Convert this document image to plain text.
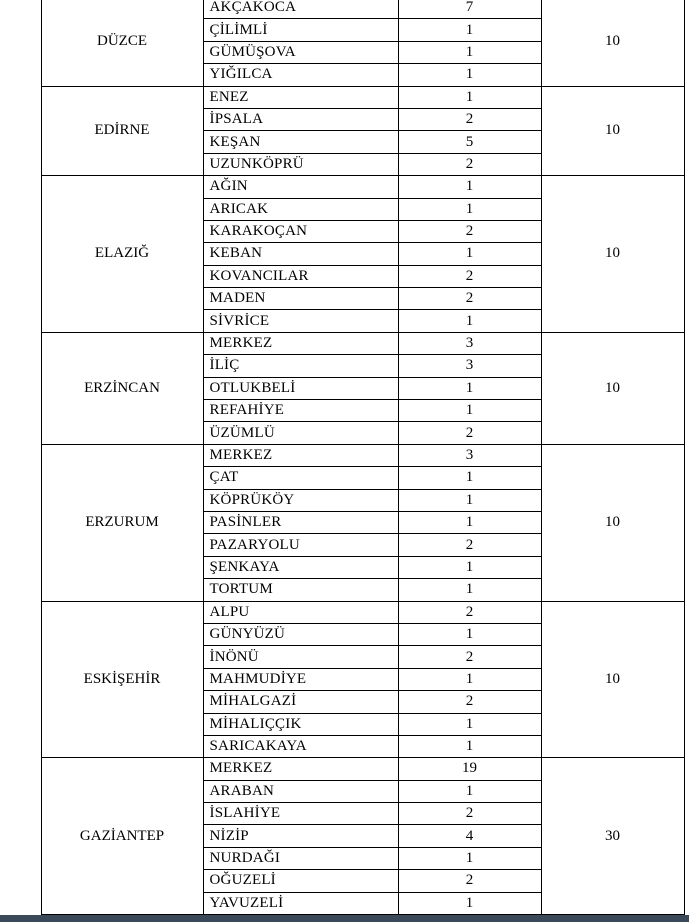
	DÜZCE	AKÇAKOCA	7	10	
		ÇİLİMLİ	1		
		GÜMÜŞOVA	1		
		YIĞILCA	1		
	EDİRNE	ENEZ	1	10	
		İPSALA	2		
		KEŞAN	5		
		UZUNKÖPRÜ	2		
	ELAZIĞ	AĞIN	1	10	
		ARICAK	1		
		KARAKOÇAN	2		
		KEBAN	1		
		KOVANCILAR	2		
		MADEN	2		
		SİVRİCE	1		
	ERZİNCAN	MERKEZ	3	10	
		İLİÇ	3		
		OTLUKBELİ	1		
		REFAHİYE	1		
		ÜZÜMLÜ	2		
	ERZURUM	MERKEZ	3	10	
		ÇAT	1		
		KÖPRÜKÖY	1		
		PASİNLER	1		
		PAZARYOLU	2		
		ŞENKAYA	1		
		TORTUM	1		
	ESKİŞEHİR	ALPU	2	10	
		GÜNYÜZÜ	1		
		İNÖNÜ	2		
		MAHMUDİYE	1		
		MİHALGAZİ	2		
		MİHALIÇÇIK	1		
		SARICAKAYA	1		
	GAZİANTEP	MERKEZ	19	30	
		ARABAN	1		
		İSLAHİYE	2		
		NİZİP	4		
		NURDAĞI	1		
		OĞUZELİ	2		
		YAVUZELİ	1		
